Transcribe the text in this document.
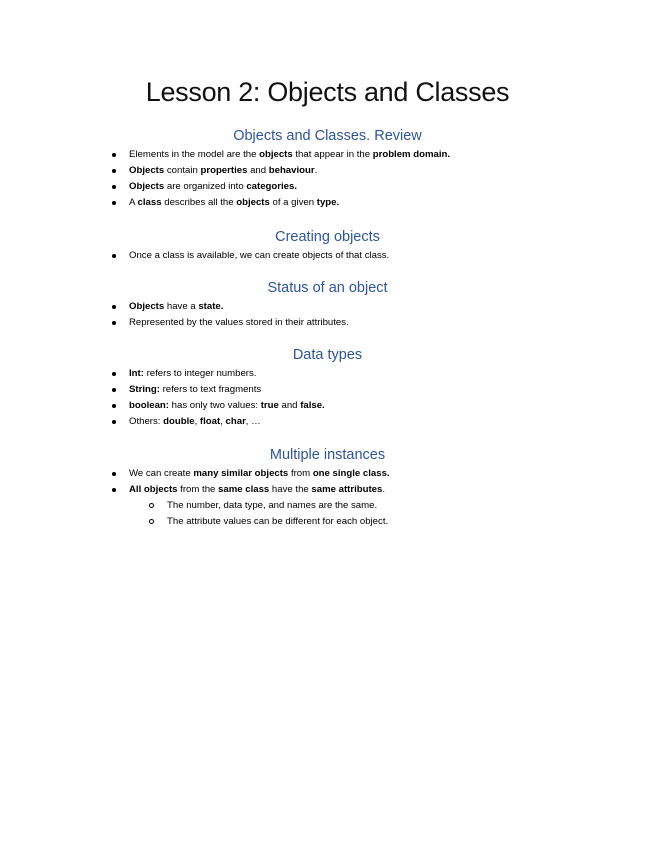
Lesson 2: Objects and Classes
Objects and Classes. Review
Elements in the model are the objects that appear in the problem domain.
Objects contain properties and behaviour.
Objects are organized into categories.
A class describes all the objects of a given type.
Creating objects
Once a class is available, we can create objects of that class.
Status of an object
Objects have a state.
Represented by the values stored in their attributes.
Data types
Int: refers to integer numbers.
String: refers to text fragments
boolean: has only two values: true and false.
Others: double, float, char, …
Multiple instances
We can create many similar objects from one single class.
All objects from the same class have the same attributes.
The number, data type, and names are the same.
The attribute values can be different for each object.
